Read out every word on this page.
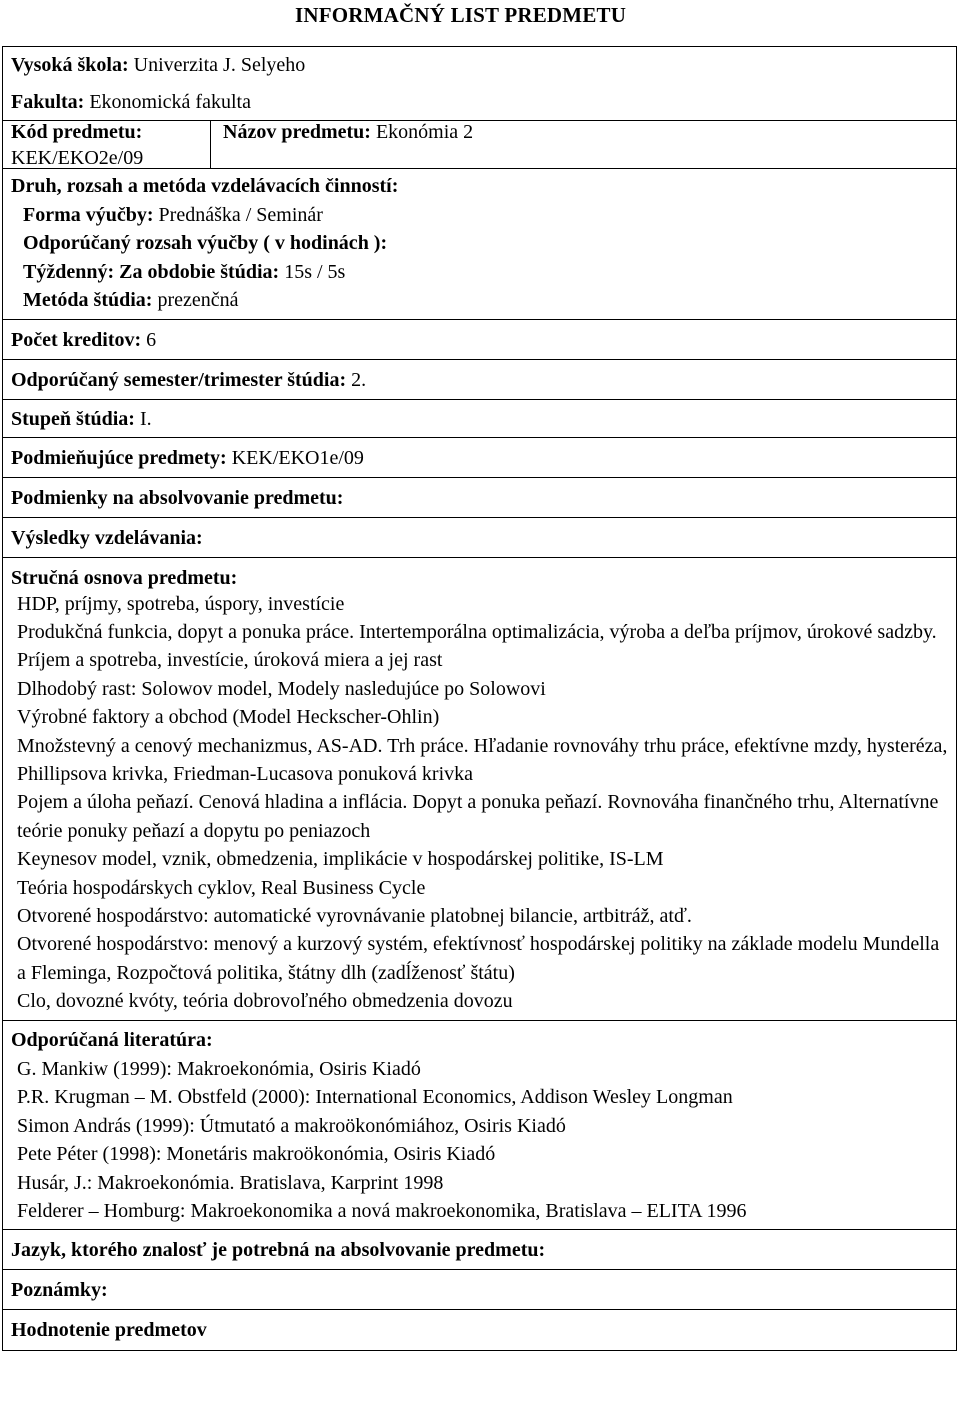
INFORMAČNÝ LIST PREDMETU
Vysoká škola: Univerzita J. Selyeho
Fakulta: Ekonomická fakulta
Kód predmetu:
KEK/EKO2e/09
Názov predmetu: Ekonómia 2
Druh, rozsah a metóda vzdelávacích činností:
Forma výučby: Prednáška / Seminár
Odporúčaný rozsah výučby ( v hodinách ):
Týždenný: Za obdobie štúdia: 15s / 5s
Metóda štúdia: prezenčná
Počet kreditov: 6
Odporúčaný semester/trimester štúdia: 2.
Stupeň štúdia: I.
Podmieňujúce predmety: KEK/EKO1e/09
Podmienky na absolvovanie predmetu:
Výsledky vzdelávania:
Stručná osnova predmetu:
HDP, príjmy, spotreba, úspory, investície
Produkčná funkcia, dopyt a ponuka práce. Intertemporálna optimalizácia, výroba a deľba príjmov, úrokové sadzby.
Príjem a spotreba, investície, úroková miera a jej rast
Dlhodobý rast: Solowov model, Modely nasledujúce po Solowovi
Výrobné faktory a obchod (Model Heckscher-Ohlin)
Množstevný a cenový mechanizmus, AS-AD. Trh práce. Hľadanie rovnováhy trhu práce, efektívne mzdy, hysteréza, Phillipsova krivka, Friedman-Lucasova ponuková krivka
Pojem a úloha peňazí. Cenová hladina a inflácia. Dopyt a ponuka peňazí. Rovnováha finančného trhu, Alternatívne teórie ponuky peňazí a dopytu po peniazoch
Keynesov model, vznik, obmedzenia, implikácie v hospodárskej politike, IS-LM
Teória hospodárskych cyklov, Real Business Cycle
Otvorené hospodárstvo: automatické vyrovnávanie platobnej bilancie, artbitráž, atď.
Otvorené hospodárstvo: menový a kurzový systém, efektívnosť hospodárskej politiky na základe modelu Mundella a Fleminga, Rozpočtová politika, štátny dlh (zadĺženosť štátu)
Clo, dovozné kvóty, teória dobrovoľného obmedzenia dovozu
Odporúčaná literatúra:
G. Mankiw (1999): Makroekonómia, Osiris Kiadó
P.R. Krugman – M. Obstfeld (2000): International Economics, Addison Wesley Longman
Simon András (1999): Útmutató a makroökonómiához, Osiris Kiadó
Pete Péter (1998): Monetáris makroökonómia, Osiris Kiadó
Husár, J.: Makroekonómia. Bratislava, Karprint 1998
Felderer – Homburg: Makroekonomika a nová makroekonomika, Bratislava – ELITA 1996
Jazyk, ktorého znalosť je potrebná na absolvovanie predmetu:
Poznámky:
Hodnotenie predmetov
